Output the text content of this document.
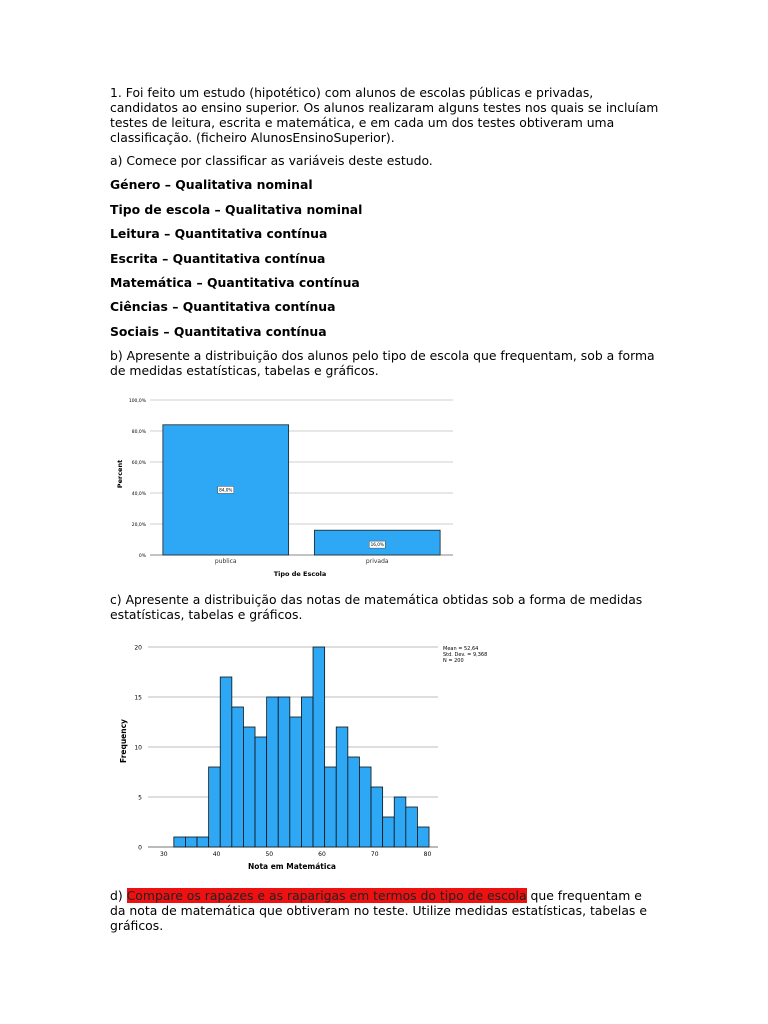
1. Foi feito um estudo (hipotético) com alunos de escolas públicas e privadas, candidatos ao ensino superior. Os alunos realizaram alguns testes nos quais se incluíam testes de leitura, escrita e matemática, e em cada um dos testes obtiveram uma classificação. (ficheiro AlunosEnsinoSuperior).

a) Comece por classificar as variáveis deste estudo.

Género – Qualitativa nominal

Tipo de escola – Qualitativa nominal

Leitura – Quantitativa contínua

Escrita – Quantitativa contínua

Matemática – Quantitativa contínua

Ciências – Quantitativa contínua

Sociais – Quantitativa contínua

b) Apresente a distribuição dos alunos pelo tipo de escola que frequentam, sob a forma de medidas estatísticas, tabelas e gráficos.

84,0%
16,0%
0%
20,0%
40,0%
60,0%
80,0%
100,0%
publica	privada
Percent
Tipo de Escola

c) Apresente a distribuição das notas de matemática obtidas sob a forma de medidas estatísticas, tabelas e gráficos.

0
5
10
15
20
30	40	50	60	70	80
Mean = 52,64
Std. Dev. = 9,368
N = 200
Frequency
Nota em Matemática

d) Compare os rapazes e as raparigas em termos do tipo de escola que frequentam e da nota de matemática que obtiveram no teste. Utilize medidas estatísticas, tabelas e gráficos.
